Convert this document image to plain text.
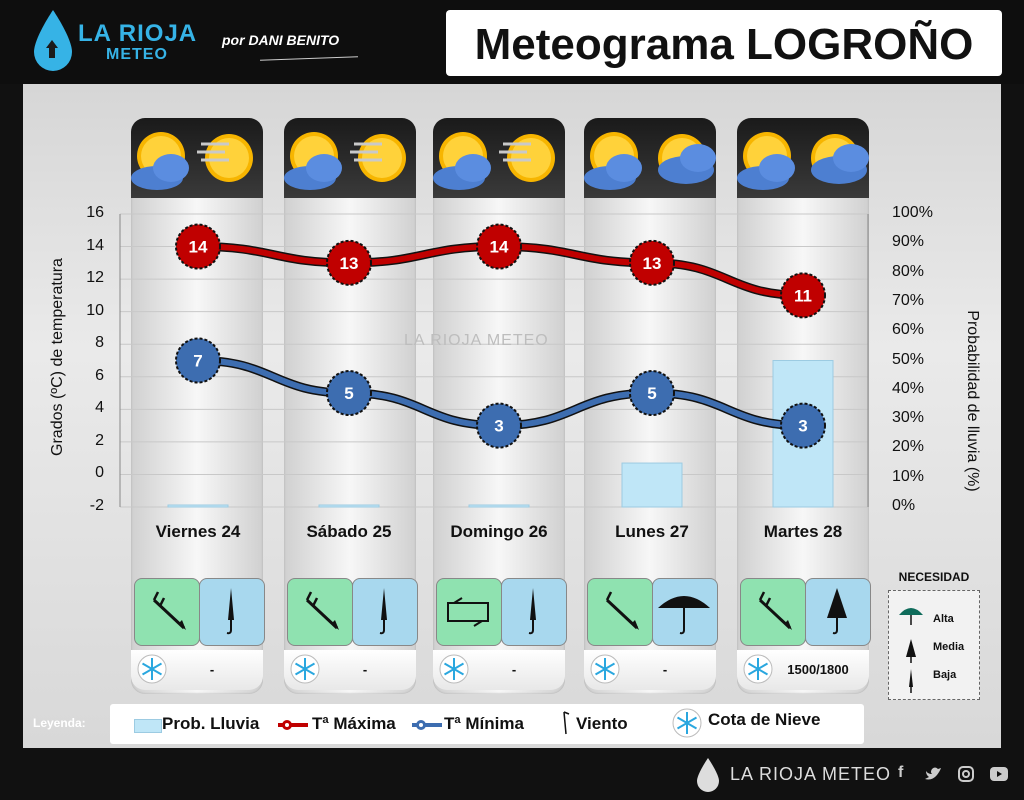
LA RIOJA
METEO
por DANI BENITO	Meteograma LOGROÑO
Viernes 24
-
Sábado 25
-
Domingo 26
-
Lunes 27
-
Martes 28
1500/1800
14
13
14
13
11
7
5
3
5
3
LA RIOJA METEO
Grados (ºC) de temperatura	Probabilidad de lluvia (%)
16
14
12
10
8
6
4
2
0
-2
100%
90%
80%
70%
60%
50%
40%
30%
20%
10%
0%
NECESIDAD
Alta
Media
Baja
Leyenda:	Prob. Lluvia	Tª Máxima	Tª Mínima	Viento	Cota de Nieve
LA RIOJA METEO f
